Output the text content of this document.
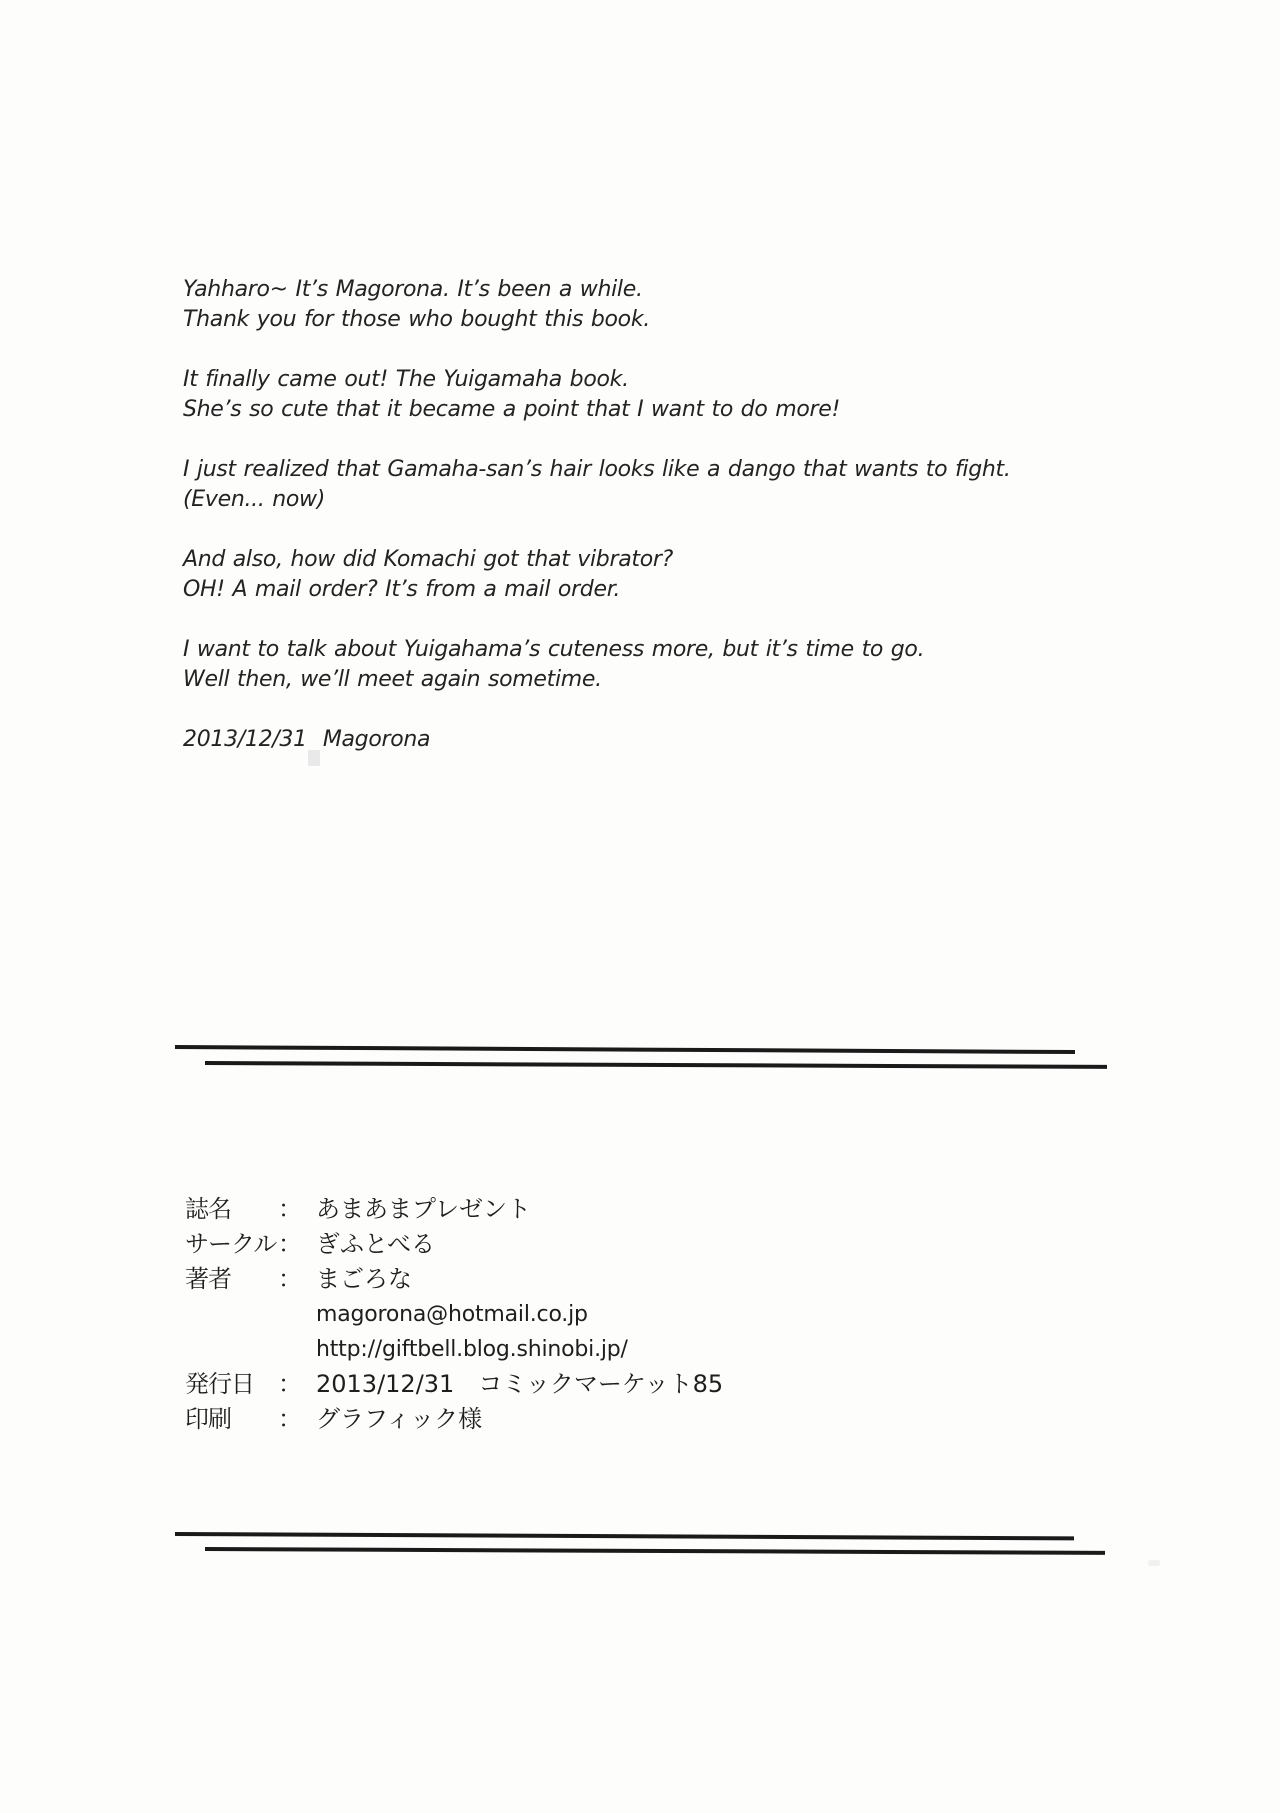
Yahharo~ It’s Magorona. It’s been a while.
Thank you for those who bought this book.

It finally came out! The Yuigamaha book.
She’s so cute that it became a point that I want to do more!

I just realized that Gamaha-san’s hair looks like a dango that wants to fight.
(Even... now)

And also, how did Komachi got that vibrator?
OH! A mail order? It’s from a mail order.

I want to talk about Yuigahama’s cuteness more, but it’s time to go.
Well then, we’ll meet again sometime.

2013/12/31 Magorona
誌名	： あまあまプレゼント
サークル ： ぎふとべる
著者	： まごろな
magorona@hotmail.co.jp
http://giftbell.blog.shinobi.jp/
発行日	： 2013/12/31　コミックマーケット85
印刷	： グラフィック様
